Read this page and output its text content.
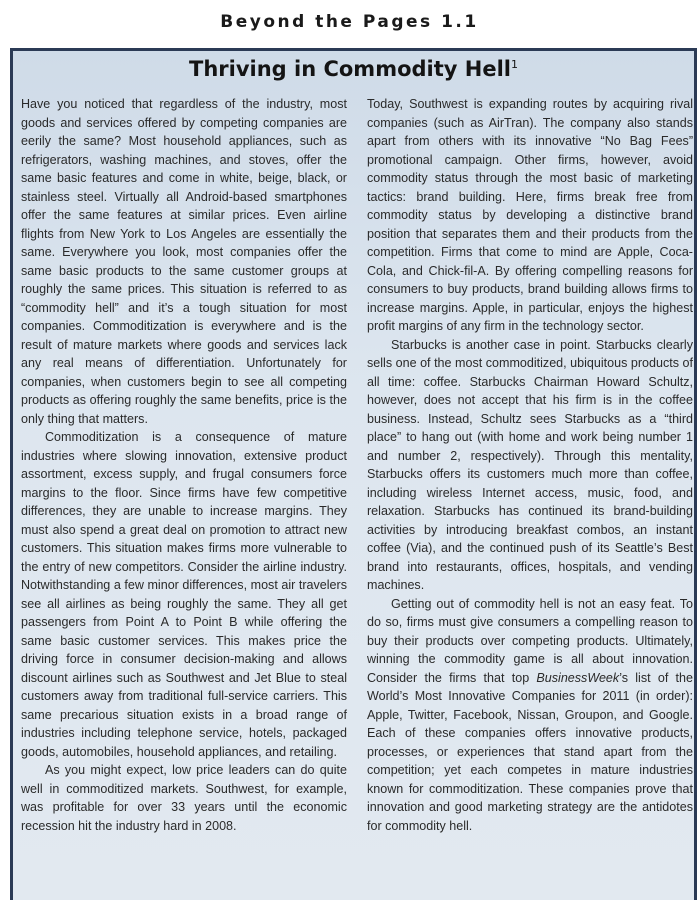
Beyond the Pages 1.1
Thriving in Commodity Hell$^1$

Have you noticed that regardless of the industry, most goods and services offered by competing companies are eerily the same? Most household appliances, such as refrigerators, washing machines, and stoves, offer the same basic features and come in white, beige, black, or stainless steel. Virtually all Android-based smartphones offer the same features at similar prices. Even airline flights from New York to Los Angeles are essentially the same. Everywhere you look, most companies offer the same basic products to the same customer groups at roughly the same prices. This situation is referred to as “commodity hell” and it’s a tough situation for most companies. Commoditization is everywhere and is the result of mature markets where goods and services lack any real means of differentiation. Unfortunately for companies, when customers begin to see all competing products as offering roughly the same benefits, price is the only thing that matters.

Commoditization is a consequence of mature industries where slowing innovation, extensive product assortment, excess supply, and frugal consumers force margins to the floor. Since firms have few competitive differences, they are unable to increase margins. They must also spend a great deal on promotion to attract new customers. This situation makes firms more vulnerable to the entry of new competitors. Consider the airline industry. Notwithstanding a few minor differences, most air travelers see all airlines as being roughly the same. They all get passengers from Point A to Point B while offering the same basic customer services. This makes price the driving force in consumer decision-making and allows discount airlines such as Southwest and Jet Blue to steal customers away from traditional full-service carriers. This same precarious situation exists in a broad range of industries including telephone service, hotels, packaged goods, automobiles, household appliances, and retailing.

As you might expect, low price leaders can do quite well in commoditized markets. Southwest, for example, was profitable for over 33 years until the economic recession hit the industry hard in 2008.

Today, Southwest is expanding routes by acquiring rival companies (such as AirTran). The company also stands apart from others with its innovative “No Bag Fees” promotional campaign. Other firms, however, avoid commodity status through the most basic of marketing tactics: brand building. Here, firms break free from commodity status by developing a distinctive brand position that separates them and their products from the competition. Firms that come to mind are Apple, Coca-Cola, and Chick-fil-A. By offering compelling reasons for consumers to buy products, brand building allows firms to increase margins. Apple, in particular, enjoys the highest profit margins of any firm in the technology sector.

Starbucks is another case in point. Starbucks clearly sells one of the most commoditized, ubiquitous products of all time: coffee. Starbucks Chairman Howard Schultz, however, does not accept that his firm is in the coffee business. Instead, Schultz sees Starbucks as a “third place” to hang out (with home and work being number 1 and number 2, respectively). Through this mentality, Starbucks offers its customers much more than coffee, including wireless Internet access, music, food, and relaxation. Starbucks has continued its brand-building activities by introducing breakfast combos, an instant coffee (Via), and the continued push of its Seattle’s Best brand into restaurants, offices, hospitals, and vending machines.

Getting out of commodity hell is not an easy feat. To do so, firms must give consumers a compelling reason to buy their products over competing products. Ultimately, winning the commodity game is all about innovation. Consider the firms that top BusinessWeek’s list of the World’s Most Innovative Companies for 2011 (in order): Apple, Twitter, Facebook, Nissan, Groupon, and Google. Each of these companies offers innovative products, processes, or experiences that stand apart from the competition; yet each competes in mature industries known for commoditization. These companies prove that innovation and good marketing strategy are the antidotes for commodity hell.
